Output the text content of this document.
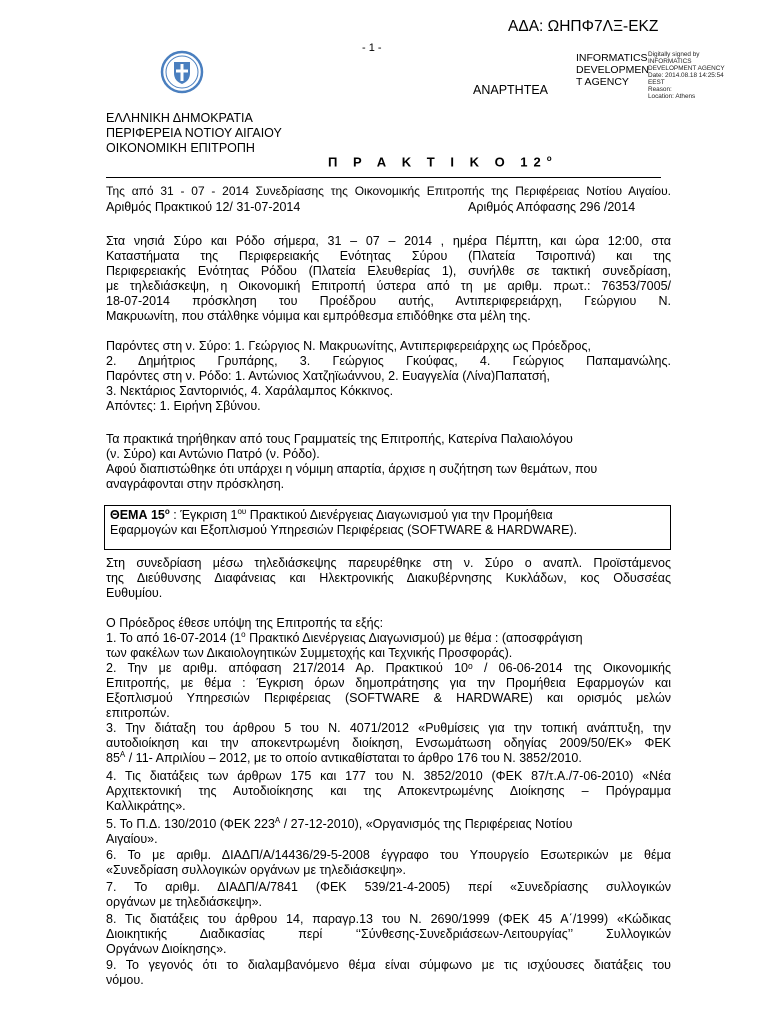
ΑΔΑ: ΩΗΠΦ7ΛΞ-ΕΚΖ
- 1 -
INFORMATICS
DEVELOPMEN
T AGENCY
Digitally signed by
INFORMATICS
DEVELOPMENT AGENCY
Date: 2014.08.18 14:25:54
EEST
Reason:
Location: Athens
ΑΝΑΡΤΗΤΕΑ
ΕΛΛΗΝΙΚΗ ΔΗΜΟΚΡΑΤΙΑ
ΠΕΡΙΦΕΡΕΙΑ ΝΟΤΙΟΥ ΑΙΓΑΙΟΥ
ΟΙΚΟΝΟΜΙΚΗ ΕΠΙΤΡΟΠΗ
Π Ρ Α Κ Τ Ι Κ Ο $12^o$
Της από 31 - 07 - 2014 Συνεδρίασης της Οικονομικής Επιτροπής της Περιφέρειας Νοτίου Αιγαίου.
Αριθμός Πρακτικού 12/ 31-07-2014	Αριθμός Απόφασης 296 /2014
Στα νησιά Σύρο και Ρόδο σήμερα, 31 – 07 – 2014 , ημέρα Πέμπτη, και ώρα 12:00, στα
Καταστήματα της Περιφερειακής Ενότητας Σύρου (Πλατεία Τσιροπινά) και της
Περιφερειακής Ενότητας Ρόδου (Πλατεία Ελευθερίας 1), συνήλθε σε τακτική συνεδρίαση,
με τηλεδιάσκεψη, η Οικονομική Επιτροπή ύστερα από τη με αριθμ. πρωτ.: 76353/7005/
18-07-2014 πρόσκληση του Προέδρου αυτής, Αντιπεριφερειάρχη, Γεώργιου Ν.
Μακρυωνίτη, που στάλθηκε νόμιμα και εμπρόθεσμα επιδόθηκε στα μέλη της.
Παρόντες στη ν. Σύρο: 1. Γεώργιος Ν. Μακρυωνίτης, Αντιπεριφερειάρχης ως Πρόεδρος,
2. Δημήτριος Γρυπάρης, 3. Γεώργιος Γκούφας, 4. Γεώργιος Παπαμανώλης.
Παρόντες στη ν. Ρόδο: 1. Αντώνιος Χατζηϊωάννου, 2. Ευαγγελία (Λίνα)Παπατσή,
3. Νεκτάριος Σαντορινιός, 4. Χαράλαμπος Κόκκινος.
Απόντες: 1. Ειρήνη Σβύνου.
Τα πρακτικά τηρήθηκαν από τους Γραμματείς της Επιτροπής, Κατερίνα Παλαιολόγου
(ν. Σύρο) και Αντώνιο Πατρό (ν. Ρόδο).
Αφού διαπιστώθηκε ότι υπάρχει η νόμιμη απαρτία, άρχισε η συζήτηση των θεμάτων, που
αναγράφονται στην πρόσκληση.
ΘΕΜΑ $15^o$ : Έγκριση $1^{o\upsilon}$ Πρακτικού Διενέργειας Διαγωνισμού για την Προμήθεια
Εφαρμογών και Εξοπλισμού Υπηρεσιών Περιφέρειας (SOFTWARE & HARDWARE).
Στη συνεδρίαση μέσω τηλεδιάσκεψης παρευρέθηκε στη ν. Σύρο ο αναπλ. Προϊστάμενος
της Διεύθυνσης Διαφάνειας και Ηλεκτρονικής Διακυβέρνησης Κυκλάδων, κος Οδυσσέας
Ευθυμίου.
Ο Πρόεδρος έθεσε υπόψη της Επιτροπής τα εξής:
1. Το από 16-07-2014 ($1^o$ Πρακτικό Διενέργειας Διαγωνισμού) με θέμα : (αποσφράγιση
των φακέλων των Δικαιολογητικών Συμμετοχής και Τεχνικής Προσφοράς).
2. Την με αριθμ. απόφαση 217/2014 Αρ. Πρακτικού 10ᵒ / 06-06-2014 της Οικονομικής
Επιτροπής, με θέμα : Έγκριση όρων δημοπράτησης για την Προμήθεια Εφαρμογών και
Εξοπλισμού Υπηρεσιών Περιφέρειας (SOFTWARE & HARDWARE) και ορισμός μελών
επιτροπών.
3. Την διάταξη του άρθρου 5 του Ν. 4071/2012 «Ρυθμίσεις για την τοπική ανάπτυξη, την
αυτοδιοίκηση και την αποκεντρωμένη διοίκηση, Ενσωμάτωση οδηγίας 2009/50/ΕΚ» ΦΕΚ
$85^A / 11-$ Απριλίου – 2012, με το οποίο αντικαθίσταται το άρθρο 176 του Ν. 3852/2010.
4. Τις διατάξεις των άρθρων 175 και 177 του Ν. 3852/2010 (ΦΕΚ 87/τ.Α./7-06-2010) «Νέα
Αρχιτεκτονική της Αυτοδιοίκησης και της Αποκεντρωμένης Διοίκησης – Πρόγραμμα
Καλλικράτης».
5. Το Π.Δ. 130/2010 (ΦΕΚ $223^A / 27-12-2010$), «Οργανισμός της Περιφέρειας Νοτίου
Αιγαίου».
6. Το με αριθμ. ΔΙΑΔΠ/Α/14436/29-5-2008 έγγραφο του Υπουργείο Εσωτερικών με θέμα
«Συνεδρίαση συλλογικών οργάνων με τηλεδιάσκεψη».
7. Το αριθμ. ΔΙΑΔΠ/Α/7841 (ΦΕΚ 539/21-4-2005) περί «Συνεδρίασης συλλογικών
οργάνων με τηλεδιάσκεψη».
8. Τις διατάξεις του άρθρου 14, παραγρ.13 του Ν. 2690/1999 (ΦΕΚ 45 Α΄/1999) «Κώδικας
Διοικητικής Διαδικασίας περί ‘‘Σύνθεσης-Συνεδριάσεων-Λειτουργίας’’ Συλλογικών
Οργάνων Διοίκησης».
9. Το γεγονός ότι το διαλαμβανόμενο θέμα είναι σύμφωνο με τις ισχύουσες διατάξεις του
νόμου.
